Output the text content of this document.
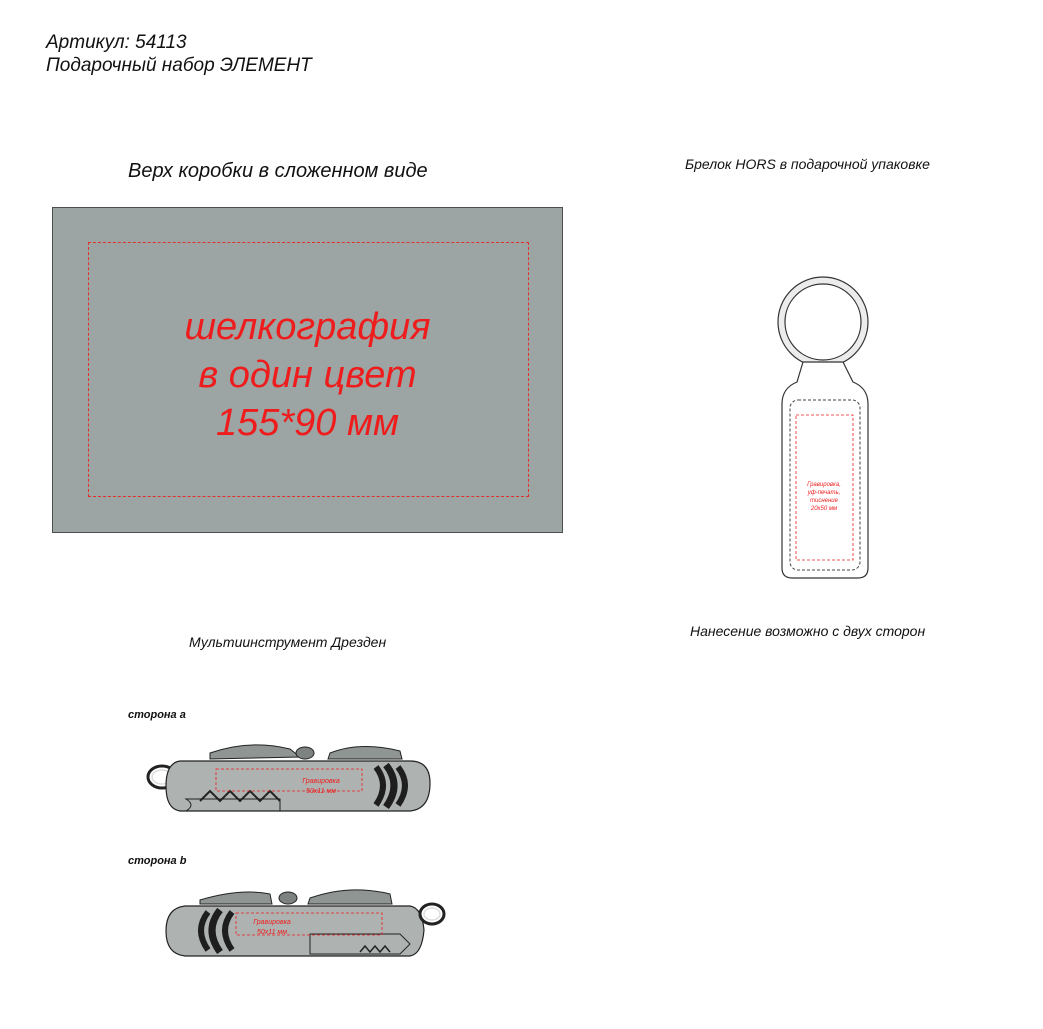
Артикул: 54113
Подарочный набор ЭЛЕМЕНТ
Верх коробки в сложенном виде
шелкография
в один цвет
155*90 мм
Брелок HORS в подарочной упаковке
Гравировка,
уф-печать,
тиснение
20x50 мм
Нанесение возможно с двух сторон
Мультиинструмент Дрезден
сторона а
Гравировка
50x11 мм
сторона b
Гравировка
50x11 мм
